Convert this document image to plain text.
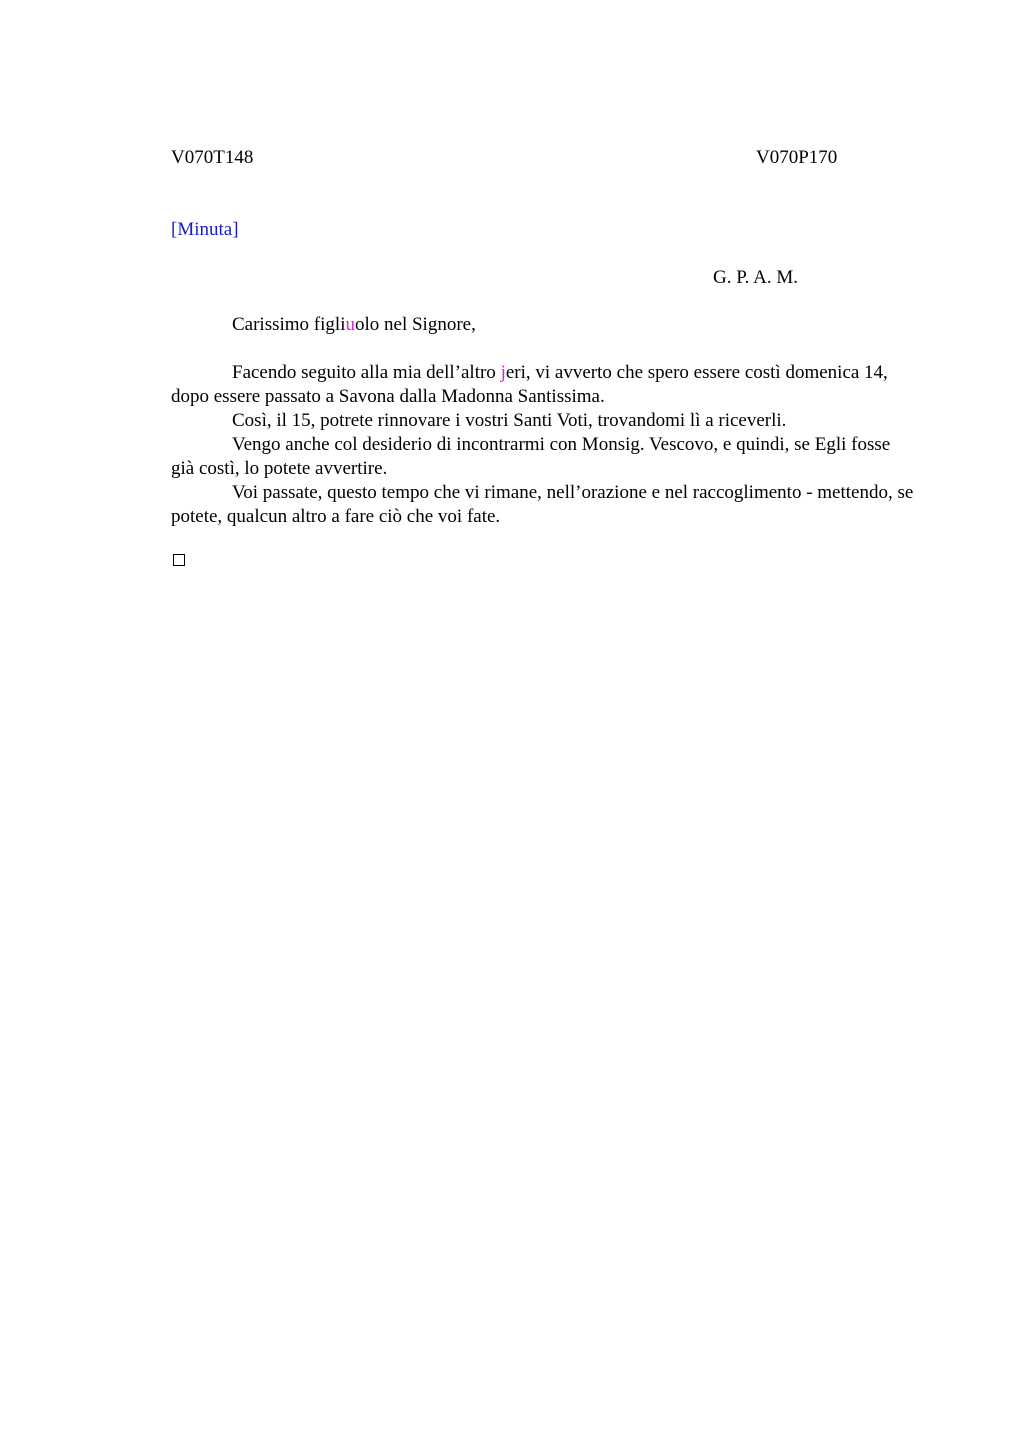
V070T148	V070P170
[Minuta]
G. P. A. M.
Carissimo figliuolo nel Signore,

Facendo seguito alla mia dell’altro jeri, vi avverto che spero essere costì domenica 14, dopo essere passato a Savona dalla Madonna Santissima.

Così, il 15, potrete rinnovare i vostri Santi Voti, trovandomi lì a riceverli.

Vengo anche col desiderio di incontrarmi con Monsig. Vescovo, e quindi, se Egli fosse già costì, lo potete avvertire.

Voi passate, questo tempo che vi rimane, nell’orazione e nel raccoglimento - mettendo, se potete, qualcun altro a fare ciò che voi fate.
